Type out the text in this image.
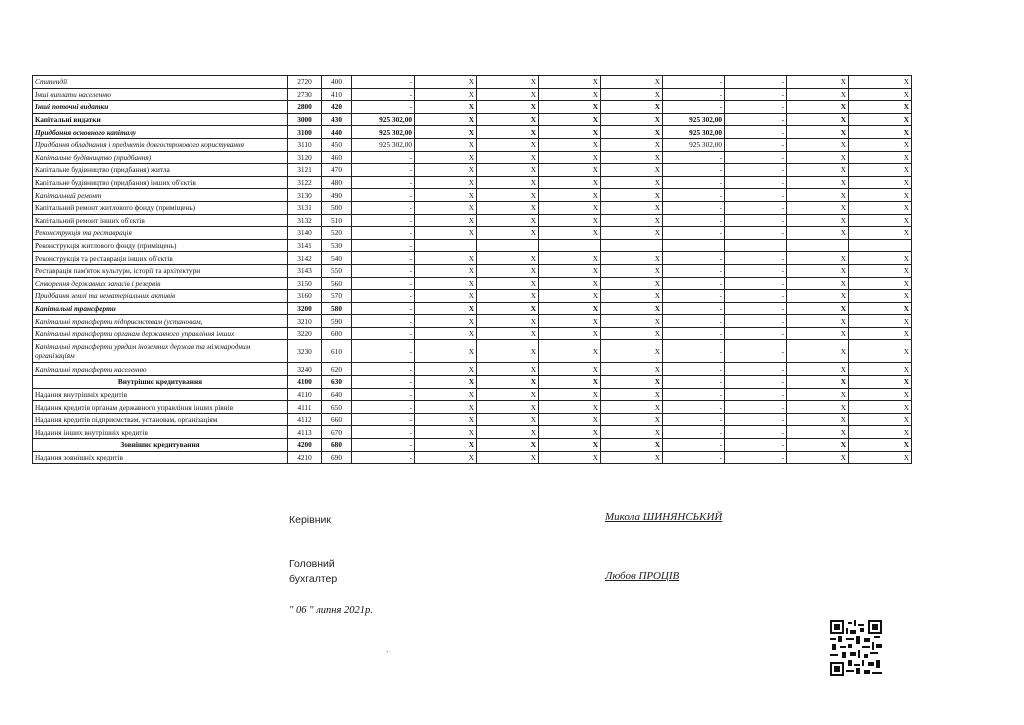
Стипендії	2720	400	-	X	X	X	X	-	-	X	X
Інші виплати населенню	2730	410	-	X	X	X	X	-	-	X	X
Інші поточні видатки	2800	420	-	X	X	X	X	-	-	X	X
Капітальні видатки	3000	430	925 302,00	X	X	X	X	925 302,00	-	X	X
Придбання основного капіталу	3100	440	925 302,00	X	X	X	X	925 302,00	-	X	X
Придбання обладнання і предметів довгострокового користування	3110	450	925 302,00	X	X	X	X	925 302,00	-	X	X
Капітальне будівництво (придбання)	3120	460	-	X	X	X	X	-	-	X	X
Капітальне будівництво (придбання) житла	3121	470	-	X	X	X	X	-	-	X	X
Капітальне будівництво (придбання) інших об'єктів	3122	480	-	X	X	X	X	-	-	X	X
Капітальний ремонт	3130	490	-	X	X	X	X	-	-	X	X
Капітальний ремонт житлового фонду (приміщень)	3131	500	-	X	X	X	X	-	-	X	X
Капітальний ремонт інших об'єктів	3132	510	-	X	X	X	X	-	-	X	X
Реконструкція та реставрація	3140	520	-	X	X	X	X	-	-	X	X
Реконструкція житлового фонду (приміщень)	3141	530	-								
Реконструкція та реставрація інших об'єктів	3142	540	-	X	X	X	X	-	-	X	X
Реставрація пам'яток культури, історії та архітектури	3143	550	-	X	X	X	X	-	-	X	X
Створення державних запасів і резервів	3150	560	-	X	X	X	X	-	-	X	X
Придбання землі та нематеріальних активів	3160	570	-	X	X	X	X	-	-	X	X
Капітальні трансферти	3200	580	-	X	X	X	X	-	-	X	X
Капітальні трансферти підприємствам (установам,	3210	590	-	X	X	X	X	-	-	X	X
Капітальні трансферти органам державного управління інших	3220	600	-	X	X	X	X	-	-	X	X
Капітальні трансферти урядам іноземних держав та міжнародним організаціям	3230	610	-	X	X	X	X	-	-	X	X
Капітальні трансферти населенню	3240	620	-	X	X	X	X	-	-	X	X
Внутрішнє кредитування	4100	630	-	X	X	X	X	-	-	X	X
Надання внутрішніх кредитів	4110	640	-	X	X	X	X	-	-	X	X
Надання кредитів органам державного управління інших рівнів	4111	650	-	X	X	X	X	-	-	X	X
Надання кредитів підприємствам, установам, організаціям	4112	660	-	X	X	X	X	-	-	X	X
Надання інших внутрішніх кредитів	4113	670	-	X	X	X	X	-	-	X	X
Зовнішнє кредитування	4200	680	-	X	X	X	X	-	-	X	X
Надання зовнішніх кредитів	4210	690	-	X	X	X	X	-	-	X	X
Керівник	Микола ШИНЯНСЬКИЙ
Головний
бухгалтер	Любов ПРОЦІВ
" 06 " липня 2021р.
ˊ
